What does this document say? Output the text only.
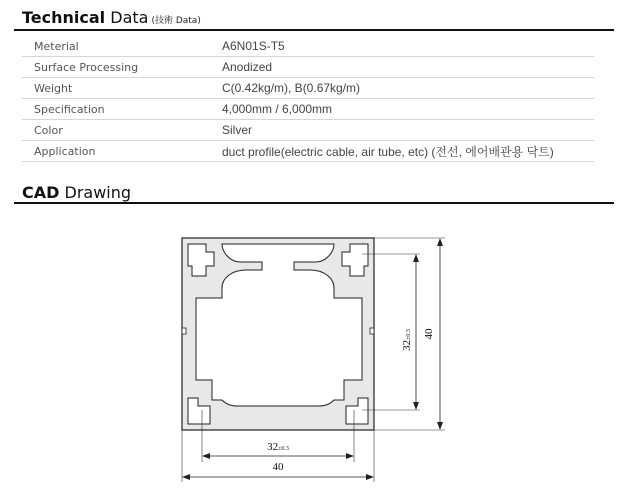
Technical Data (技術 Data)
Meterial	A6N01S-T5
Surface Processing	Anodized
Weight	C(0.42kg/m), B(0.67kg/m)
Specification	4,000mm / 6,000mm
Color	Silver
Application	duct profile(electric cable, air tube, etc) (전선, 에어배관용 닥트)
CAD Drawing
40
32±0.3
32±0.3
40
